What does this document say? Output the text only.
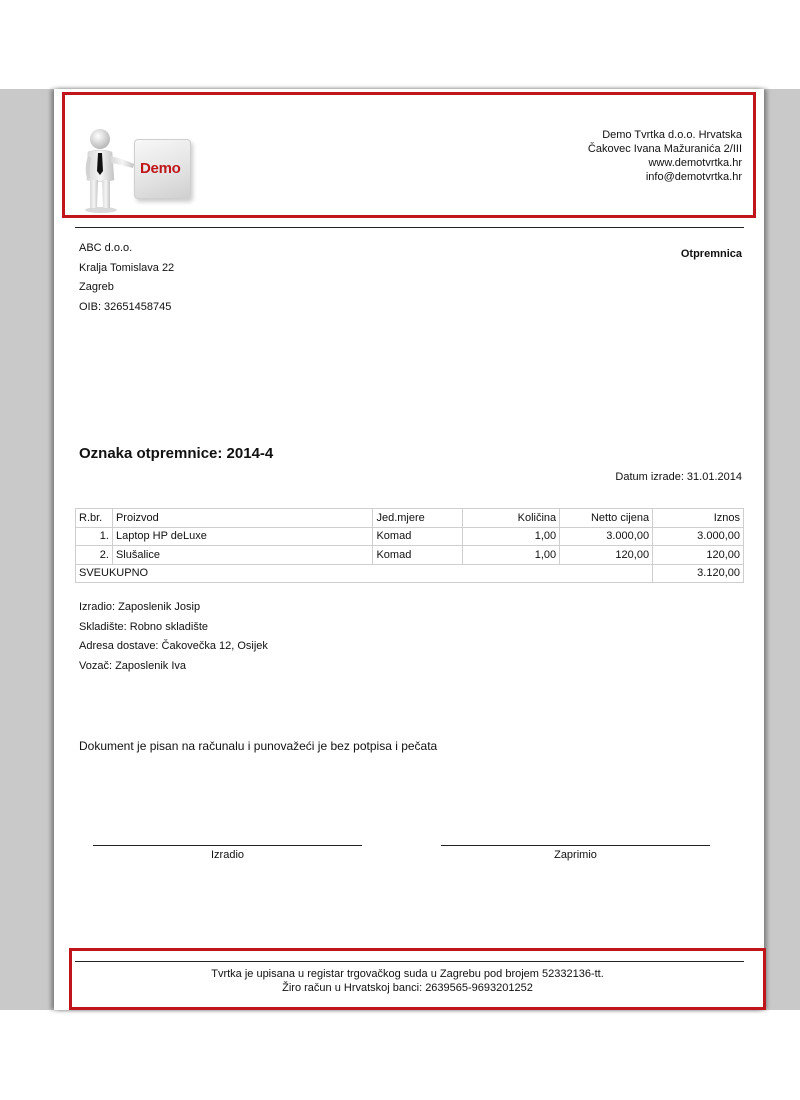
Demo
Demo Tvrtka d.o.o. Hrvatska
Čakovec Ivana Mažuranića 2/III
www.demotvrtka.hr
info@demotvrtka.hr
ABC d.o.o.
Kralja Tomislava 22
Zagreb
OIB: 32651458745
Otpremnica
Oznaka otpremnice: 2014-4
Datum izrade: 31.01.2014
R.br.	Proizvod	Jed.mjere	Količina	Netto cijena	Iznos
1.	Laptop HP deLuxe	Komad	1,00	3.000,00	3.000,00
2.	Slušalice	Komad	1,00	120,00	120,00
SVEUKUPNO					3.120,00
Izradio: Zaposlenik Josip
Skladište: Robno skladište
Adresa dostave: Čakovečka 12, Osijek
Vozač: Zaposlenik Iva
Dokument je pisan na računalu i punovažeći je bez potpisa i pečata
Izradio	Zaprimio
Tvrtka je upisana u registar trgovačkog suda u Zagrebu pod brojem 52332136-tt.
Žiro račun u Hrvatskoj banci: 2639565-9693201252
